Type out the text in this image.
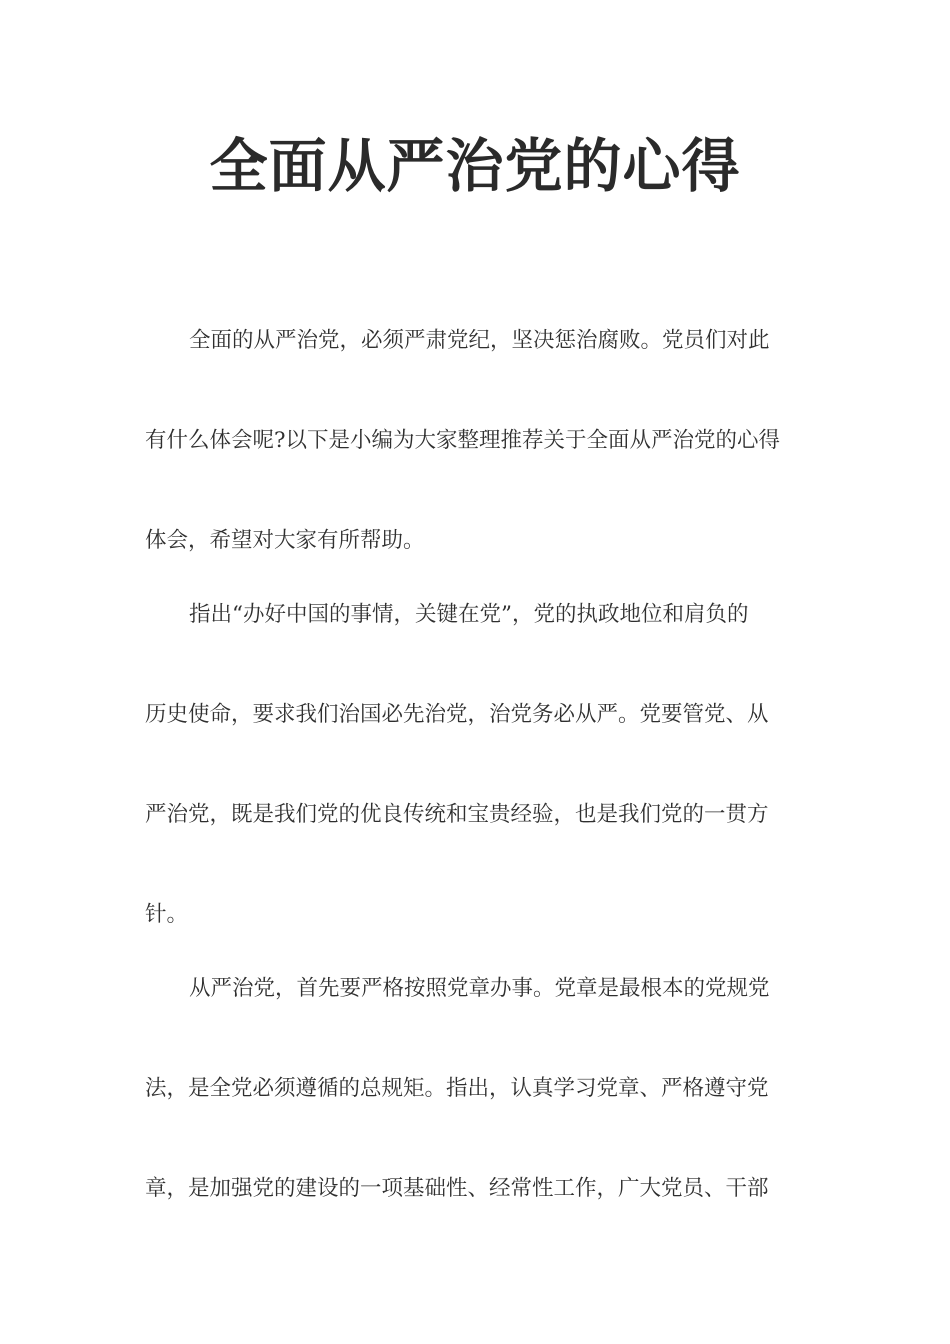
全面从严治党的心得
全面的从严治党，必须严肃党纪，坚决惩治腐败。党员们对此
有什么体会呢?以下是小编为大家整理推荐关于全面从严治党的心得
体会，希望对大家有所帮助。
指出“办好中国的事情，关键在党”，党的执政地位和肩负的
历史使命，要求我们治国必先治党，治党务必从严。党要管党、从
严治党，既是我们党的优良传统和宝贵经验，也是我们党的一贯方
针。
从严治党，首先要严格按照党章办事。党章是最根本的党规党
法，是全党必须遵循的总规矩。指出，认真学习党章、严格遵守党
章，是加强党的建设的一项基础性、经常性工作，广大党员、干部
